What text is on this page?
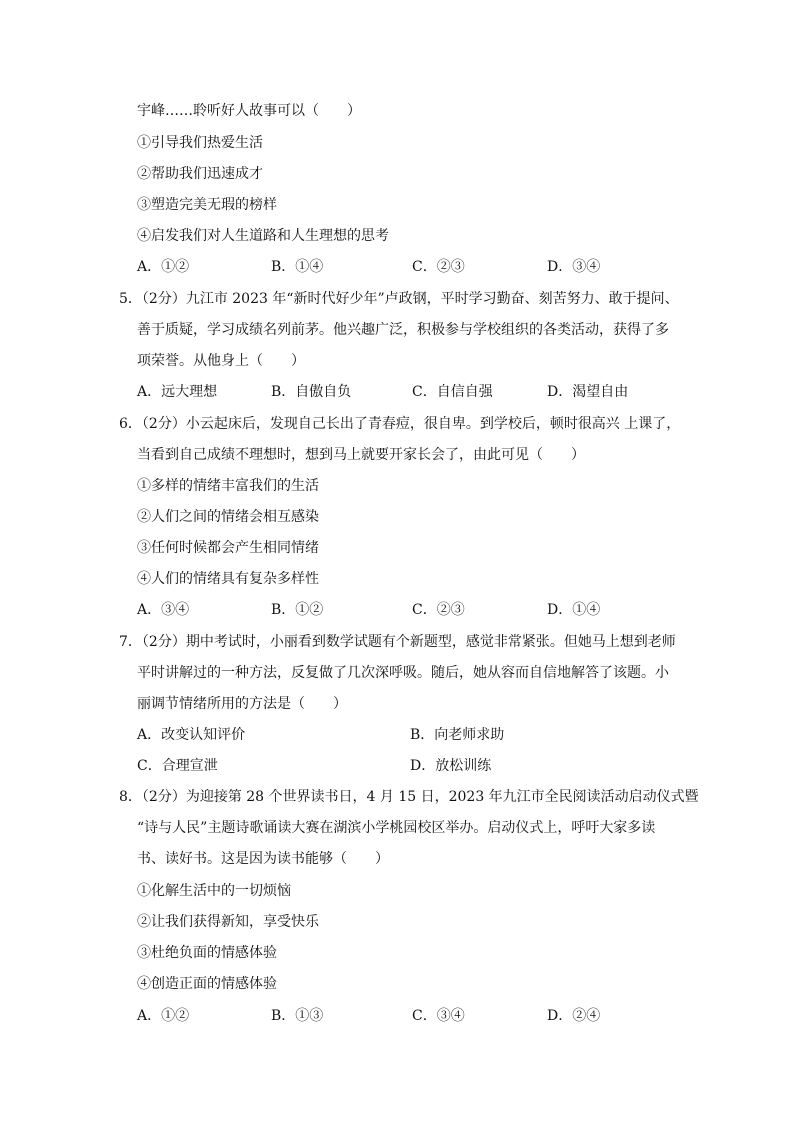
宇峰……聆听好人故事可以（　　）
①引导我们热爱生活
②帮助我们迅速成才
③塑造完美无瑕的榜样
④启发我们对人生道路和人生理想的思考
A．①②	B．①④	C．②③	D．③④
5．（2分）九江市 2023 年“新时代好少年”卢政钢，平时学习勤奋、刻苦努力、敢于提问、
善于质疑，学习成绩名列前茅。他兴趣广泛，积极参与学校组织的各类活动，获得了多
项荣誉。从他身上（　　）
A．远大理想	B．自傲自负	C．自信自强	D．渴望自由
6．（2分）小云起床后，发现自己长出了青春痘，很自卑。到学校后，顿时很高兴 上课了，
当看到自己成绩不理想时，想到马上就要开家长会了，由此可见（　　）
①多样的情绪丰富我们的生活
②人们之间的情绪会相互感染
③任何时候都会产生相同情绪
④人们的情绪具有复杂多样性
A．③④	B．①②	C．②③	D．①④
7．（2分）期中考试时，小丽看到数学试题有个新题型，感觉非常紧张。但她马上想到老师
平时讲解过的一种方法，反复做了几次深呼吸。随后，她从容而自信地解答了该题。小
丽调节情绪所用的方法是（　　）
A．改变认知评价	B．向老师求助
C．合理宣泄	D．放松训练
8．（2分）为迎接第 28 个世界读书日，4 月 15 日，2023 年九江市全民阅读活动启动仪式暨
“诗与人民”主题诗歌诵读大赛在湖滨小学桃园校区举办。启动仪式上，呼吁大家多读
书、读好书。这是因为读书能够（　　）
①化解生活中的一切烦恼
②让我们获得新知，享受快乐
③杜绝负面的情感体验
④创造正面的情感体验
A．①②	B．①③	C．③④	D．②④
